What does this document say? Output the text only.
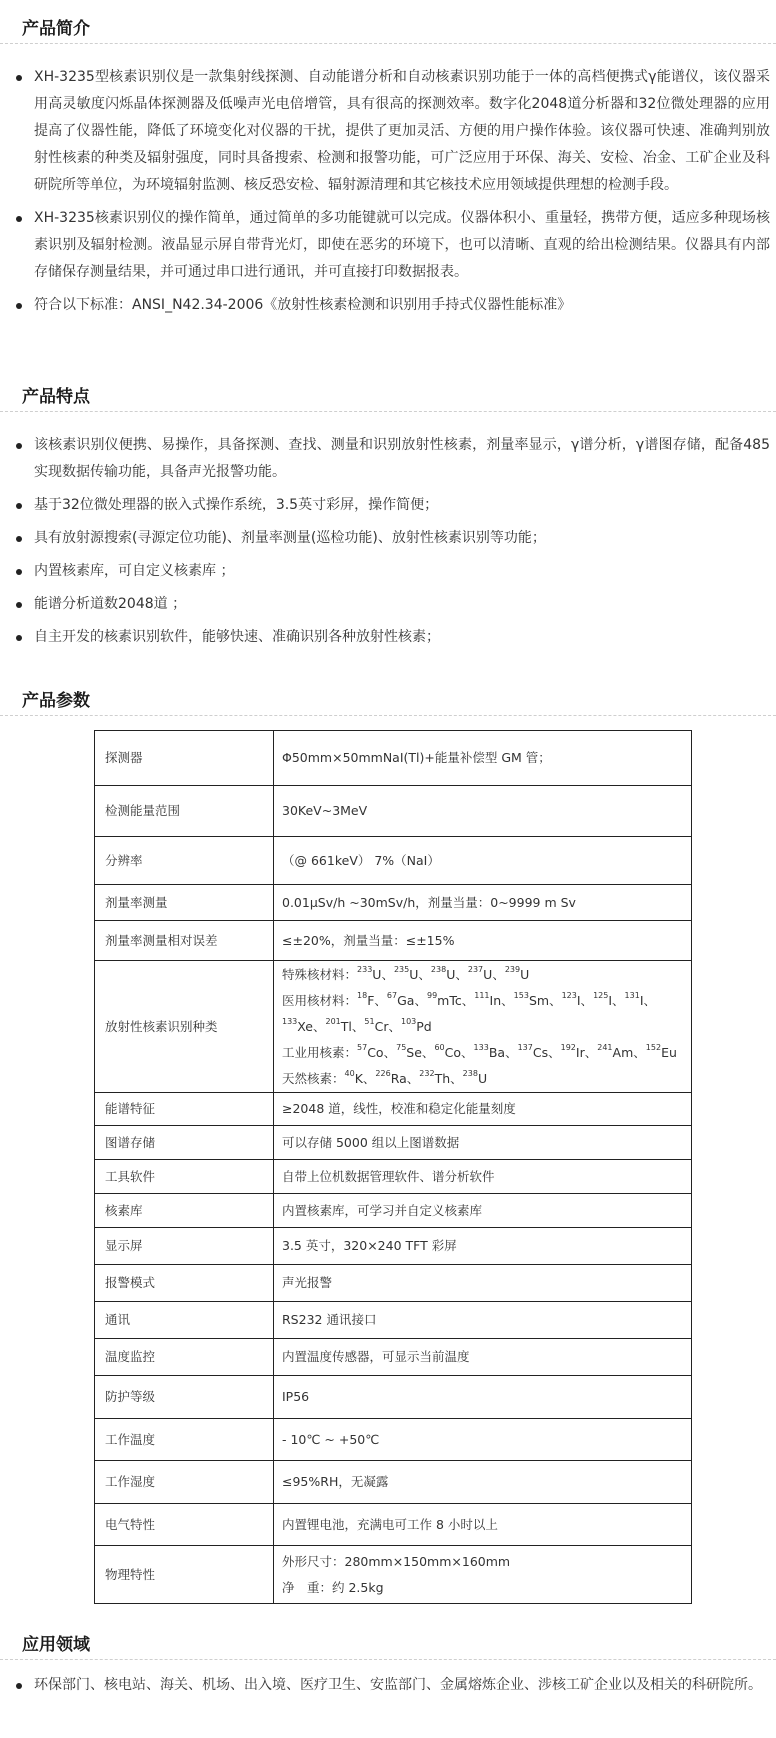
产品简介
XH-3235型核素识别仪是一款集射线探测、自动能谱分析和自动核素识别功能于一体的高档便携式γ能谱仪，该仪器采用高灵敏度闪烁晶体探测器及低噪声光电倍增管，具有很高的探测效率。数字化2048道分析器和32位微处理器的应用提高了仪器性能，降低了环境变化对仪器的干扰，提供了更加灵活、方便的用户操作体验。该仪器可快速、准确判别放射性核素的种类及辐射强度，同时具备搜索、检测和报警功能，可广泛应用于环保、海关、安检、冶金、工矿企业及科研院所等单位，为环境辐射监测、核反恐安检、辐射源清理和其它核技术应用领域提供理想的检测手段。
XH-3235核素识别仪的操作简单，通过简单的多功能键就可以完成。仪器体积小、重量轻，携带方便，适应多种现场核素识别及辐射检测。液晶显示屏自带背光灯，即使在恶劣的环境下，也可以清晰、直观的给出检测结果。仪器具有内部存储保存测量结果，并可通过串口进行通讯，并可直接打印数据报表。
符合以下标准：ANSI_N42.34-2006《放射性核素检测和识别用手持式仪器性能标准》
产品特点
该核素识别仪便携、易操作，具备探测、查找、测量和识别放射性核素，剂量率显示，γ谱分析，γ谱图存储，配备485实现数据传输功能，具备声光报警功能。
基于32位微处理器的嵌入式操作系统，3.5英寸彩屏，操作简便；
具有放射源搜索(寻源定位功能)、剂量率测量(巡检功能)、放射性核素识别等功能；
内置核素库，可自定义核素库 ；
能谱分析道数2048道 ；
自主开发的核素识别软件，能够快速、准确识别各种放射性核素；
产品参数
探测器	Φ50mm×50mmNaI(Tl)+能量补偿型 GM 管；
检测能量范围	30KeV~3MeV
分辨率	（@ 661keV） 7%（NaI）
剂量率测量	0.01μSv/h ~30mSv/h，剂量当量：0~9999 m Sv
剂量率测量相对误差	≤±20%，剂量当量：≤±15%
放射性核素识别种类	特殊核材料：$^{233}$U、$^{235}$U、$^{238}$U、$^{237}$U、$^{239}$U
医用核材料：$^{18}$F、$^{67}$Ga、$^{99}$mTc、$^{111}$In、$^{153}$Sm、$^{123}$I、$^{125}$I、$^{131}$I、$^{133}$Xe、$^{201}$Tl、$^{51}$Cr、$^{103}$Pd
工业用核素：$^{57}$Co、$^{75}$Se、$^{60}$Co、$^{133}$Ba、$^{137}$Cs、$^{192}$Ir、$^{241}$Am、$^{152}$Eu
天然核素：$^{40}$K、$^{226}$Ra、$^{232}$Th、$^{238}$U

能谱特征	≥2048 道，线性，校准和稳定化能量刻度
图谱存储	可以存储 5000 组以上图谱数据
工具软件	自带上位机数据管理软件、谱分析软件
核素库	内置核素库，可学习并自定义核素库
显示屏	3.5 英寸，320×240 TFT 彩屏
报警模式	声光报警
通讯	RS232 通讯接口
温度监控	内置温度传感器，可显示当前温度
防护等级	IP56
工作温度	- 10℃ ~ +50℃
工作湿度	≤95%RH，无凝露
电气特性	内置锂电池，充满电可工作 8 小时以上
物理特性	外形尺寸：280mm×150mm×160mm
净　重：约 2.5kg
应用领域
环保部门、核电站、海关、机场、出入境、医疗卫生、安监部门、金属熔炼企业、涉核工矿企业以及相关的科研院所。
